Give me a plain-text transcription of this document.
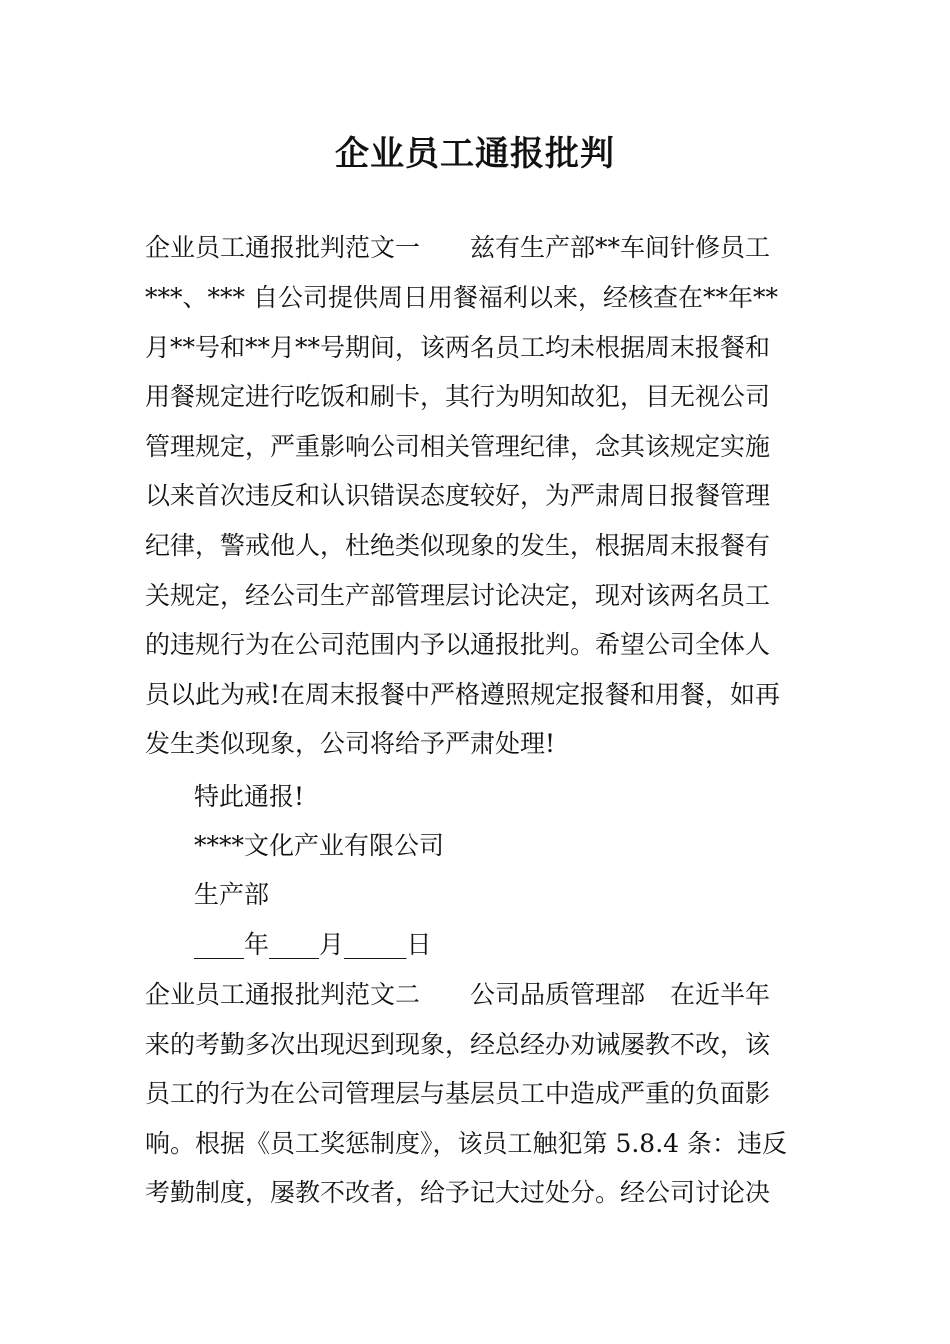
企业员工通报批判
企业员工通报批判范文一　　兹有生产部**车间针修员工
***、*** 自公司提供周日用餐福利以来，经核查在**年**
月**号和**月**号期间，该两名员工均未根据周末报餐和
用餐规定进行吃饭和刷卡，其行为明知故犯，目无视公司
管理规定，严重影响公司相关管理纪律，念其该规定实施
以来首次违反和认识错误态度较好，为严肃周日报餐管理
纪律，警戒他人，杜绝类似现象的发生，根据周末报餐有
关规定，经公司生产部管理层讨论决定，现对该两名员工
的违规行为在公司范围内予以通报批判。希望公司全体人
员以此为戒!在周末报餐中严格遵照规定报餐和用餐，如再
发生类似现象，公司将给予严肃处理!
特此通报!
****文化产业有限公司
生产部
____年____月_____日
企业员工通报批判范文二　　公司品质管理部　在近半年
来的考勤多次出现迟到现象，经总经办劝诫屡教不改，该
员工的行为在公司管理层与基层员工中造成严重的负面影
响。根据《员工奖惩制度》，该员工触犯第 5.8.4 条：违反
考勤制度，屡教不改者，给予记大过处分。经公司讨论决
